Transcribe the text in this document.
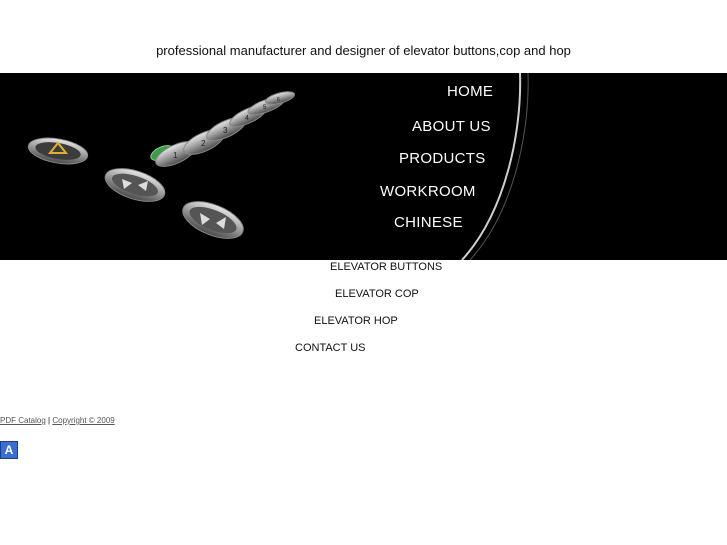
professional manufacturer and designer of elevator buttons,cop and hop
1
2
3
4
5
6	HOME
ABOUT US
PRODUCTS
WORKROOM
CHINESE
ELEVATOR BUTTONS
ELEVATOR COP
ELEVATOR HOP
CONTACT US
PDF Catalog | Copyright © 2009
A
